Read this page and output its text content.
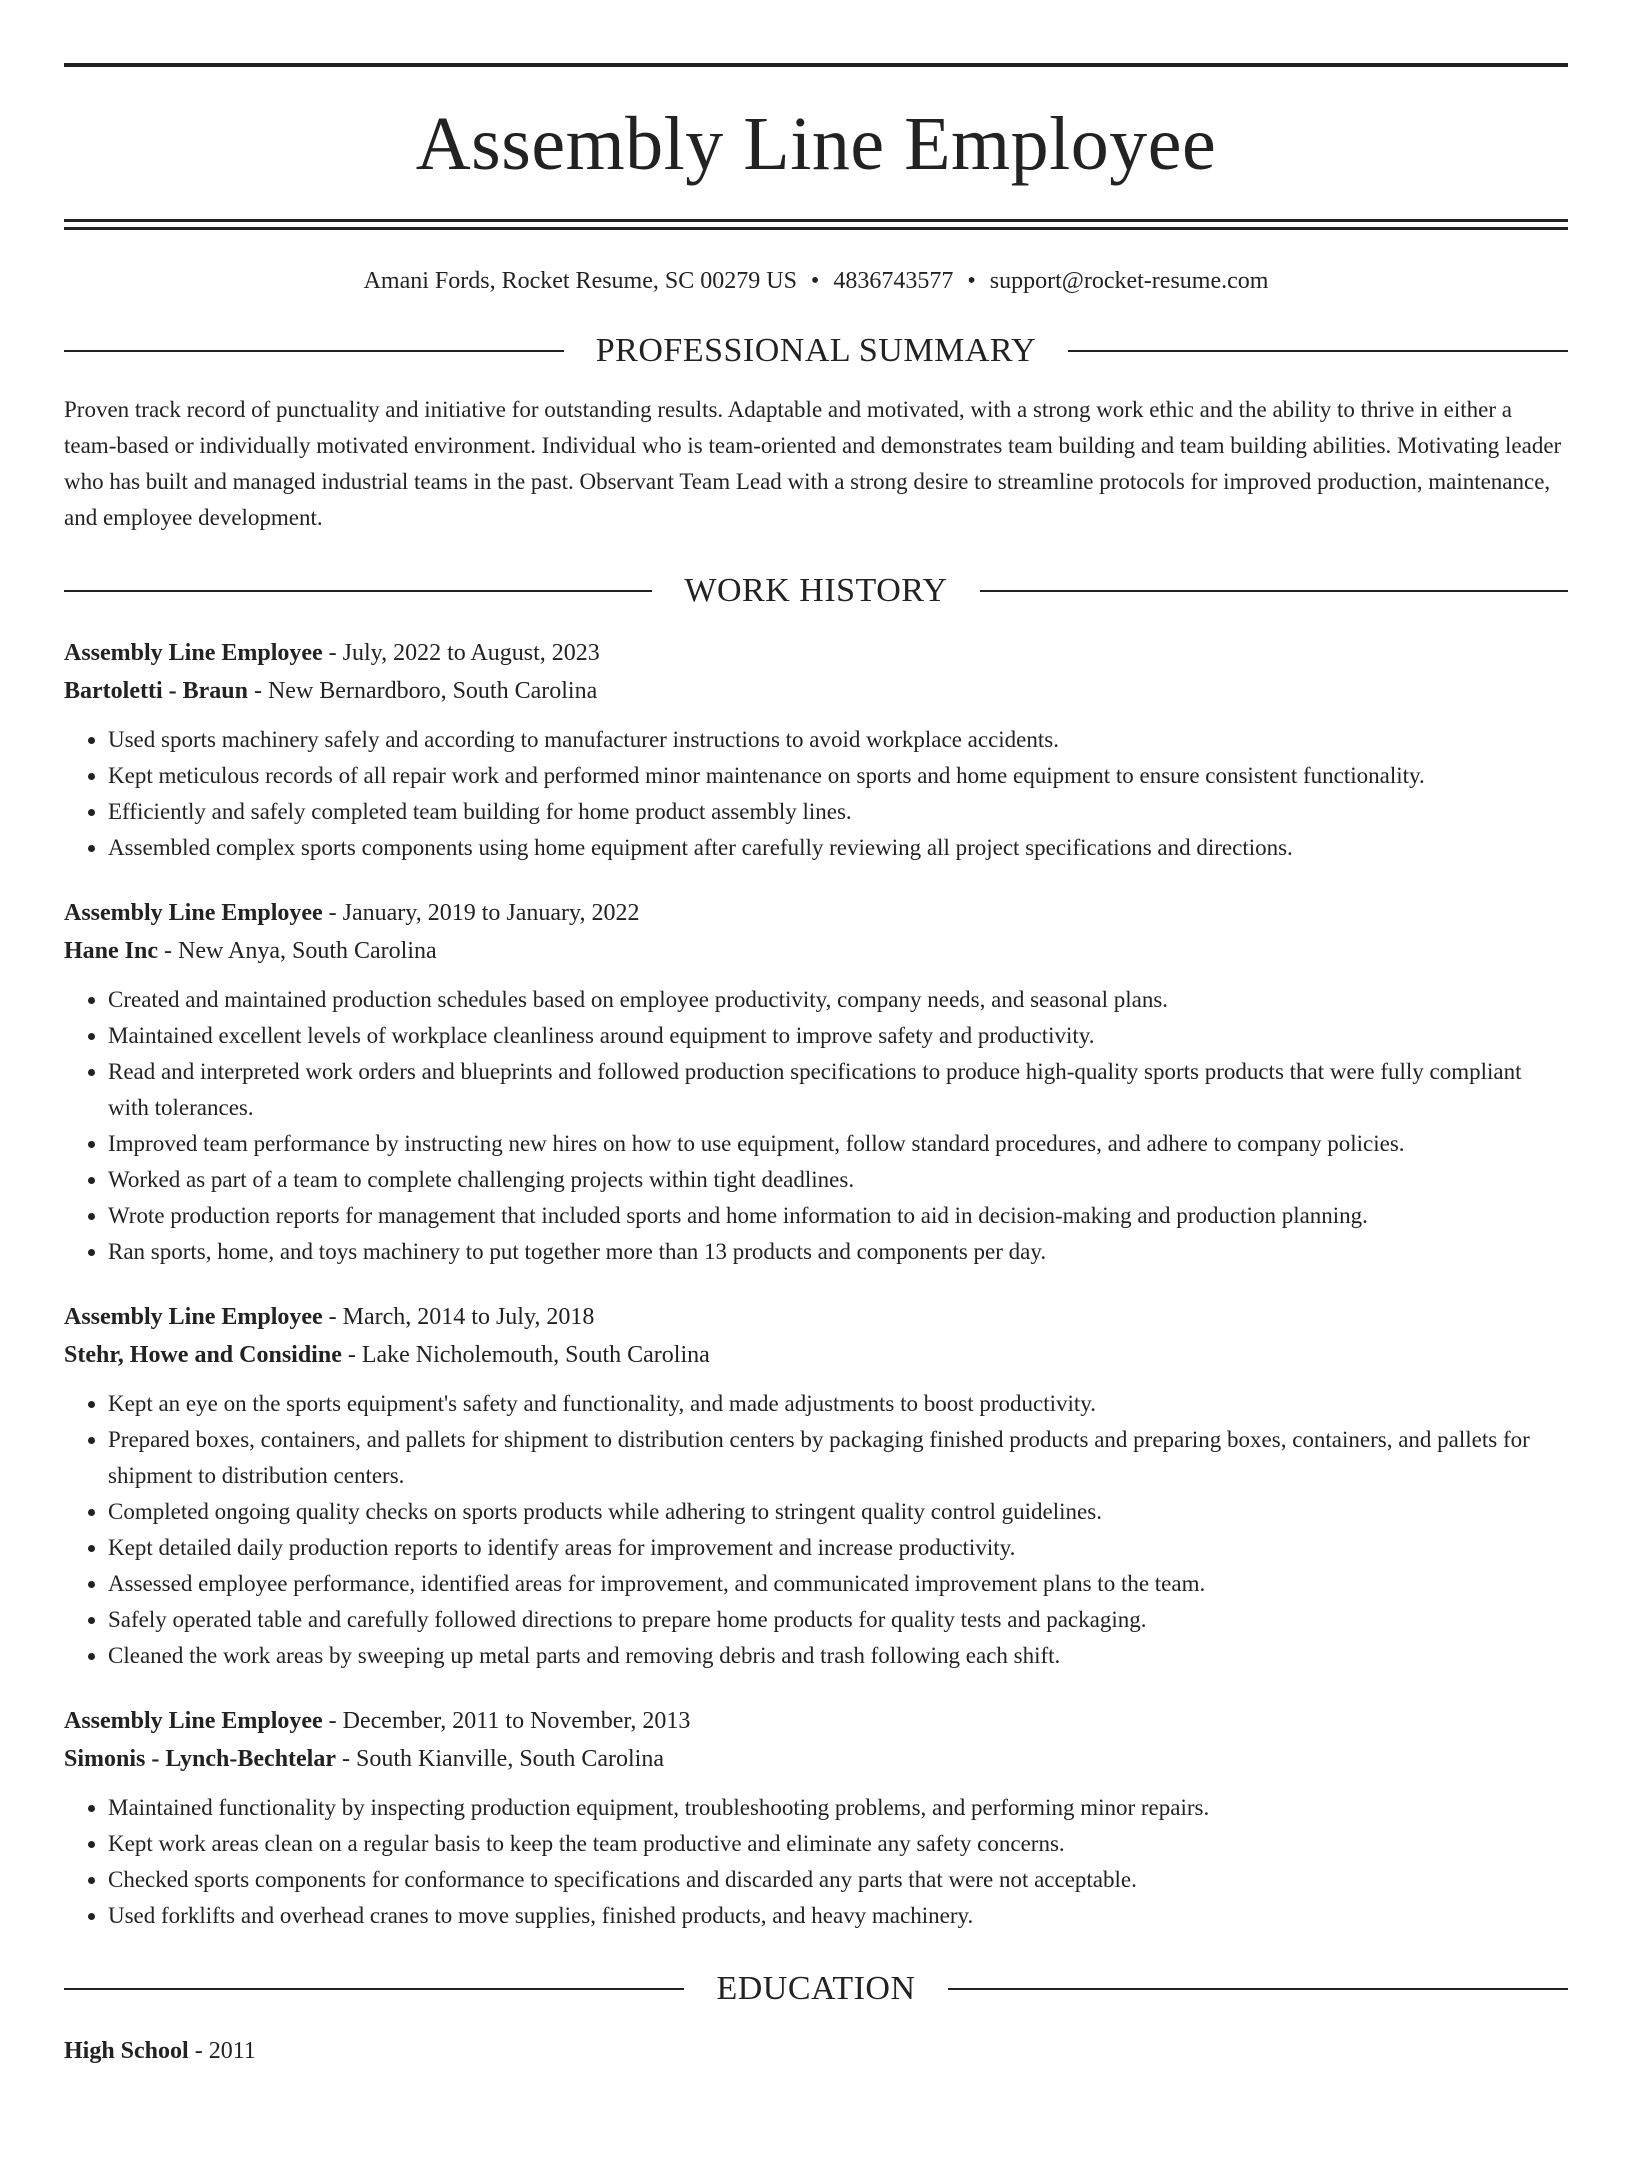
Assembly Line Employee
Amani Fords, Rocket Resume, SC 00279 US • 4836743577 • support@rocket-resume.com
PROFESSIONAL SUMMARY
Proven track record of punctuality and initiative for outstanding results. Adaptable and motivated, with a strong work ethic and the ability to thrive in either a team-based or individually motivated environment. Individual who is team-oriented and demonstrates team building and team building abilities. Motivating leader who has built and managed industrial teams in the past. Observant Team Lead with a strong desire to streamline protocols for improved production, maintenance, and employee development.
WORK HISTORY
Assembly Line Employee - July, 2022 to August, 2023
Bartoletti - Braun - New Bernardboro, South Carolina
• Used sports machinery safely and according to manufacturer instructions to avoid workplace accidents.
• Kept meticulous records of all repair work and performed minor maintenance on sports and home equipment to ensure consistent functionality.
• Efficiently and safely completed team building for home product assembly lines.
• Assembled complex sports components using home equipment after carefully reviewing all project specifications and directions.
Assembly Line Employee - January, 2019 to January, 2022
Hane Inc - New Anya, South Carolina
• Created and maintained production schedules based on employee productivity, company needs, and seasonal plans.
• Maintained excellent levels of workplace cleanliness around equipment to improve safety and productivity.
• Read and interpreted work orders and blueprints and followed production specifications to produce high-quality sports products that were fully compliant with tolerances.
• Improved team performance by instructing new hires on how to use equipment, follow standard procedures, and adhere to company policies.
• Worked as part of a team to complete challenging projects within tight deadlines.
• Wrote production reports for management that included sports and home information to aid in decision-making and production planning.
• Ran sports, home, and toys machinery to put together more than 13 products and components per day.
Assembly Line Employee - March, 2014 to July, 2018
Stehr, Howe and Considine - Lake Nicholemouth, South Carolina
• Kept an eye on the sports equipment's safety and functionality, and made adjustments to boost productivity.
• Prepared boxes, containers, and pallets for shipment to distribution centers by packaging finished products and preparing boxes, containers, and pallets for shipment to distribution centers.
• Completed ongoing quality checks on sports products while adhering to stringent quality control guidelines.
• Kept detailed daily production reports to identify areas for improvement and increase productivity.
• Assessed employee performance, identified areas for improvement, and communicated improvement plans to the team.
• Safely operated table and carefully followed directions to prepare home products for quality tests and packaging.
• Cleaned the work areas by sweeping up metal parts and removing debris and trash following each shift.
Assembly Line Employee - December, 2011 to November, 2013
Simonis - Lynch-Bechtelar - South Kianville, South Carolina
• Maintained functionality by inspecting production equipment, troubleshooting problems, and performing minor repairs.
• Kept work areas clean on a regular basis to keep the team productive and eliminate any safety concerns.
• Checked sports components for conformance to specifications and discarded any parts that were not acceptable.
• Used forklifts and overhead cranes to move supplies, finished products, and heavy machinery.
EDUCATION
High School - 2011
